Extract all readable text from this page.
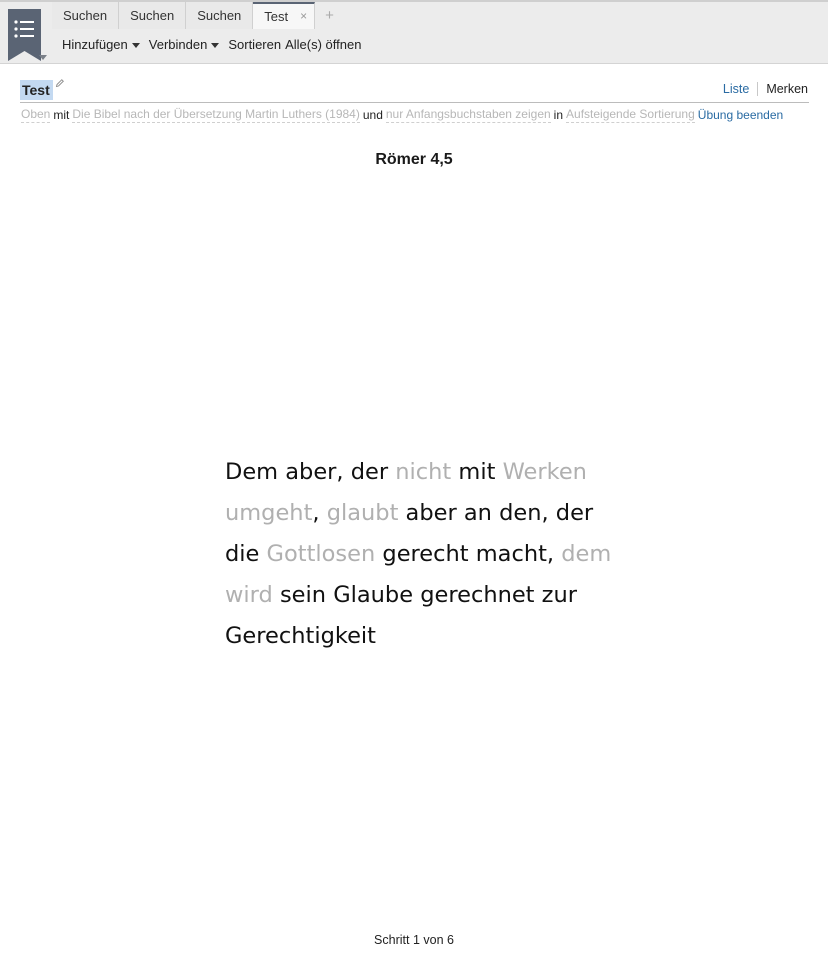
Suchen	Suchen	Suchen	Test ×	+
Hinzufügen Verbinden Sortieren Alle(s) öffnen
Test	Liste Merken
Oben mit Die Bibel nach der Übersetzung Martin Luthers (1984) und nur Anfangsbuchstaben zeigen in Aufsteigende Sortierung Übung beenden
Römer 4,5
Dem aber, der nicht mit Werken umgeht, glaubt aber an den, der die Gottlosen gerecht macht, dem wird sein Glaube gerechnet zur Gerechtigkeit
Schritt 1 von 6
